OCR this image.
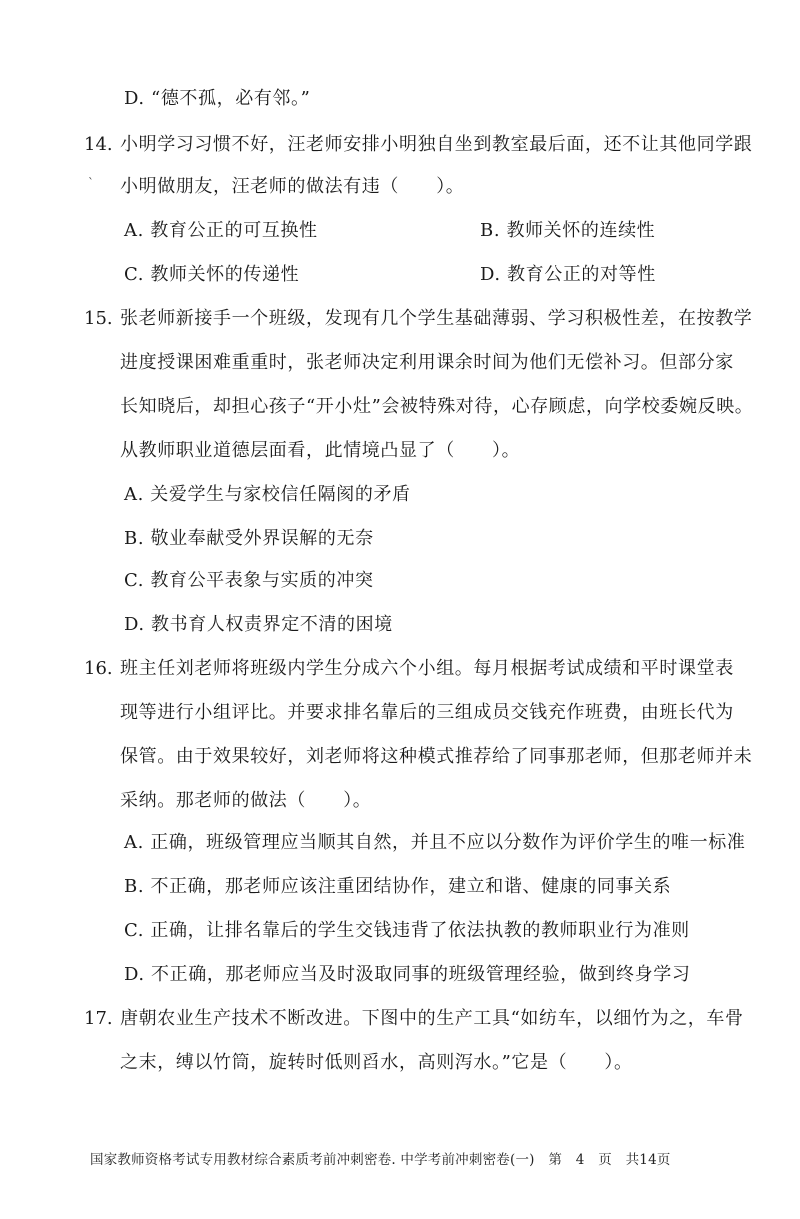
D. “德不孤，必有邻。”
14. 小明学习习惯不好，汪老师安排小明独自坐到教室最后面，还不让其他同学跟
` 小明做朋友，汪老师的做法有违（　　）。
A. 教育公正的可互换性	B. 教师关怀的连续性
C. 教师关怀的传递性	D. 教育公正的对等性
15. 张老师新接手一个班级，发现有几个学生基础薄弱、学习积极性差，在按教学
进度授课困难重重时，张老师决定利用课余时间为他们无偿补习。但部分家
长知晓后，却担心孩子“开小灶”会被特殊对待，心存顾虑，向学校委婉反映。
从教师职业道德层面看，此情境凸显了（　　）。
A. 关爱学生与家校信任隔阂的矛盾
B. 敬业奉献受外界误解的无奈
C. 教育公平表象与实质的冲突
D. 教书育人权责界定不清的困境
16. 班主任刘老师将班级内学生分成六个小组。每月根据考试成绩和平时课堂表
现等进行小组评比。并要求排名靠后的三组成员交钱充作班费，由班长代为
保管。由于效果较好，刘老师将这种模式推荐给了同事那老师，但那老师并未
采纳。那老师的做法（　　）。
A. 正确，班级管理应当顺其自然，并且不应以分数作为评价学生的唯一标准
B. 不正确，那老师应该注重团结协作，建立和谐、健康的同事关系
C. 正确，让排名靠后的学生交钱违背了依法执教的教师职业行为准则
D. 不正确，那老师应当及时汲取同事的班级管理经验，做到终身学习
17. 唐朝农业生产技术不断改进。下图中的生产工具“如纺车，以细竹为之，车骨
之末，缚以竹筒，旋转时低则舀水，高则泻水。”它是（　　）。
国家教师资格考试专用教材综合素质考前冲刺密卷. 中学考前冲刺密卷(一)　第　4　页　共14页
